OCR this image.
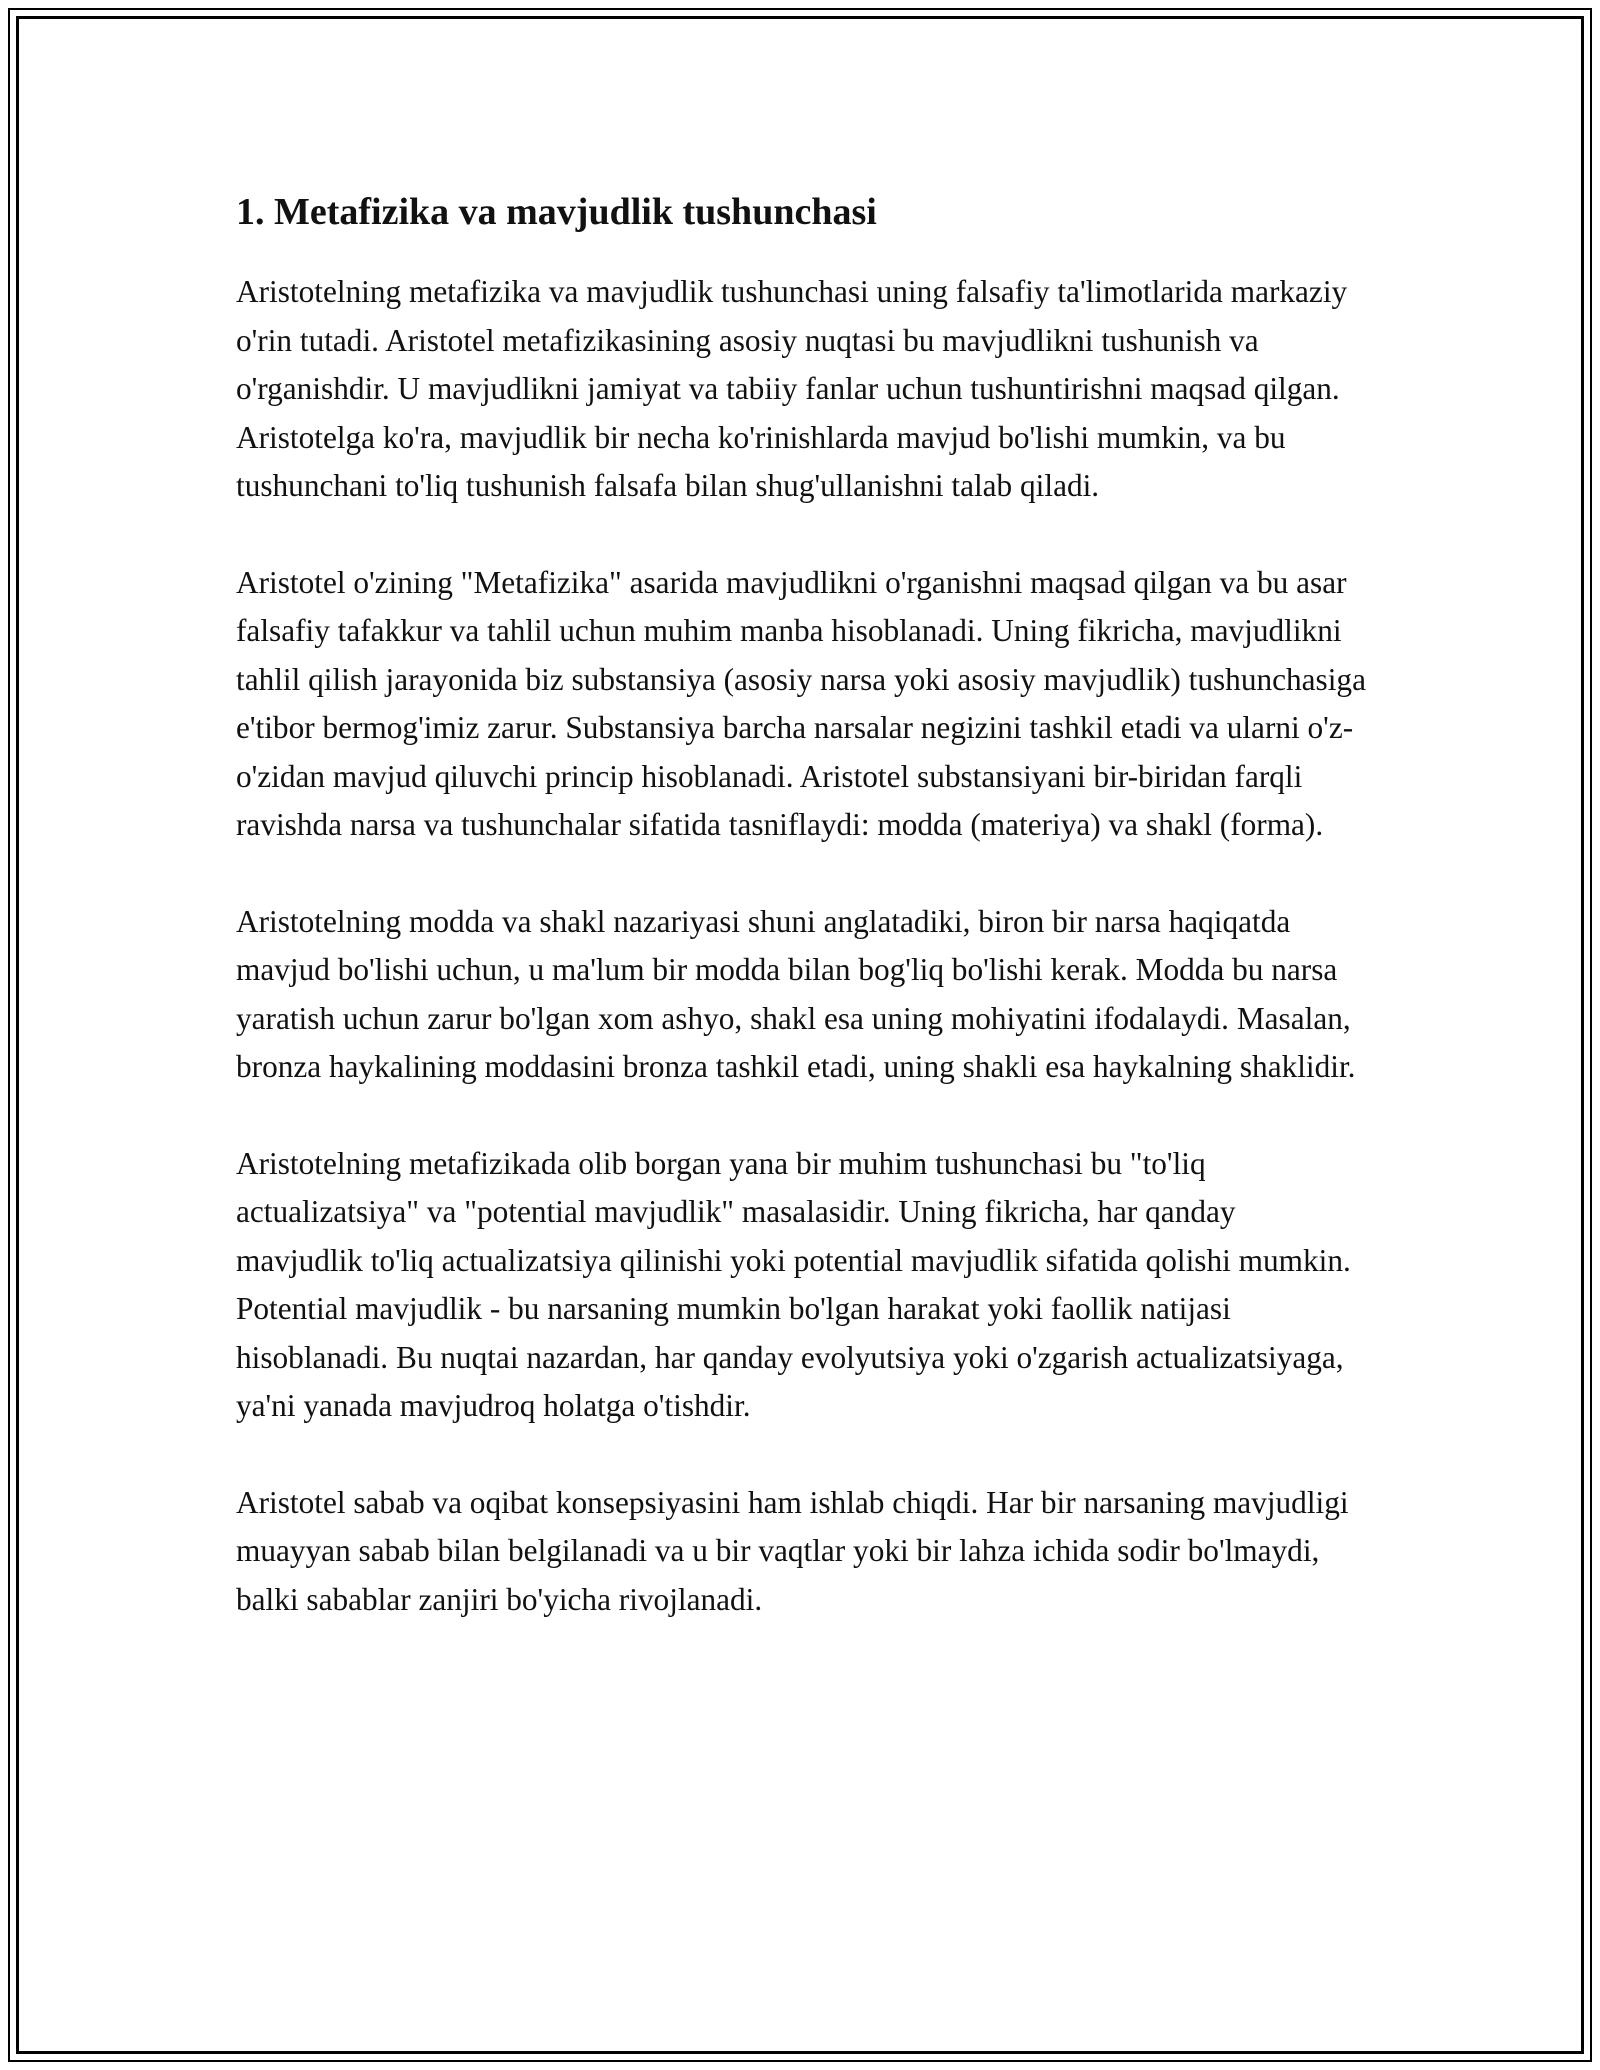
1. Metafizika va mavjudlik tushunchasi

Aristotelning metafizika va mavjudlik tushunchasi uning falsafiy ta'limotlarida markaziy o'rin tutadi. Aristotel metafizikasining asosiy nuqtasi bu mavjudlikni tushunish va o'rganishdir. U mavjudlikni jamiyat va tabiiy fanlar uchun tushuntirishni maqsad qilgan. Aristotelga ko'ra, mavjudlik bir necha ko'rinishlarda mavjud bo'lishi mumkin, va bu tushunchani to'liq tushunish falsafa bilan shug'ullanishni talab qiladi.

Aristotel o'zining "Metafizika" asarida mavjudlikni o'rganishni maqsad qilgan va bu asar falsafiy tafakkur va tahlil uchun muhim manba hisoblanadi. Uning fikricha, mavjudlikni tahlil qilish jarayonida biz substansiya (asosiy narsa yoki asosiy mavjudlik) tushunchasiga e'tibor bermog'imiz zarur. Substansiya barcha narsalar negizini tashkil etadi va ularni o'z-o'zidan mavjud qiluvchi princip hisoblanadi. Aristotel substansiyani bir-biridan farqli ravishda narsa va tushunchalar sifatida tasniflaydi: modda (materiya) va shakl (forma).

Aristotelning modda va shakl nazariyasi shuni anglatadiki, biron bir narsa haqiqatda mavjud bo'lishi uchun, u ma'lum bir modda bilan bog'liq bo'lishi kerak. Modda bu narsa yaratish uchun zarur bo'lgan xom ashyo, shakl esa uning mohiyatini ifodalaydi. Masalan, bronza haykalining moddasini bronza tashkil etadi, uning shakli esa haykalning shaklidir.

Aristotelning metafizikada olib borgan yana bir muhim tushunchasi bu "to'liq actualizatsiya" va "potential mavjudlik" masalasidir. Uning fikricha, har qanday mavjudlik to'liq actualizatsiya qilinishi yoki potential mavjudlik sifatida qolishi mumkin. Potential mavjudlik - bu narsaning mumkin bo'lgan harakat yoki faollik natijasi hisoblanadi. Bu nuqtai nazardan, har qanday evolyutsiya yoki o'zgarish actualizatsiyaga, ya'ni yanada mavjudroq holatga o'tishdir.

Aristotel sabab va oqibat konsepsiyasini ham ishlab chiqdi. Har bir narsaning mavjudligi muayyan sabab bilan belgilanadi va u bir vaqtlar yoki bir lahza ichida sodir bo'lmaydi, balki sabablar zanjiri bo'yicha rivojlanadi.
